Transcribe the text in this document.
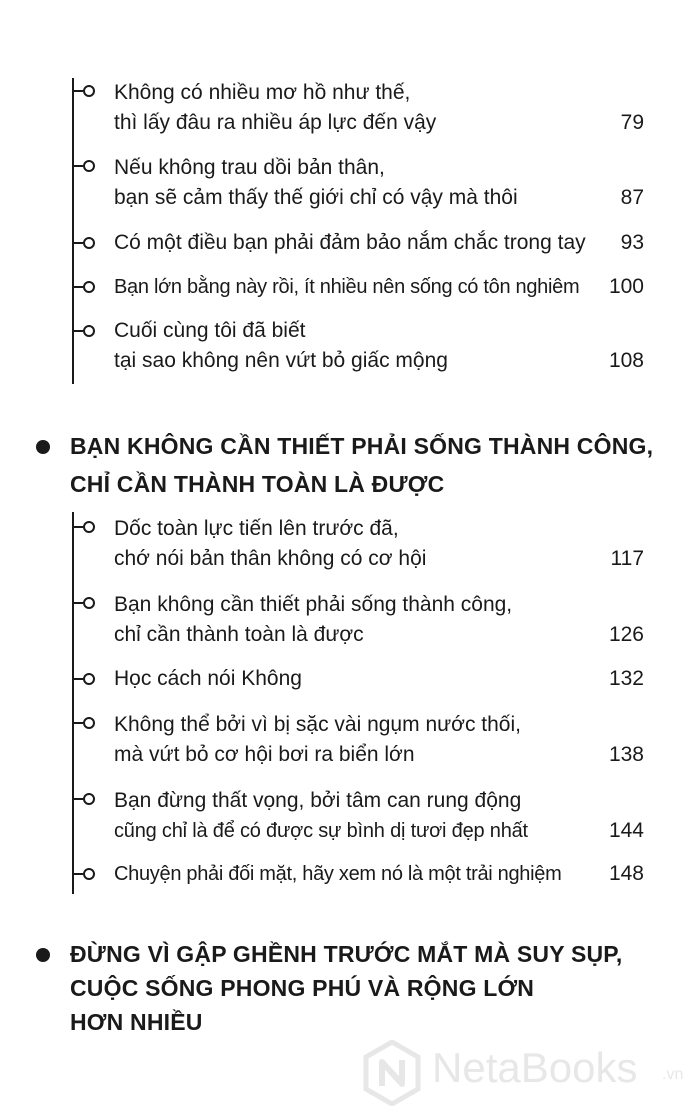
Không có nhiều mơ hồ như thế,
thì lấy đâu ra nhiều áp lực đến vậy	79
Nếu không trau dồi bản thân,
bạn sẽ cảm thấy thế giới chỉ có vậy mà thôi	87
Có một điều bạn phải đảm bảo nắm chắc trong tay 93
Bạn lớn bằng này rồi, ít nhiều nên sống có tôn nghiêm 100
Cuối cùng tôi đã biết
tại sao không nên vứt bỏ giấc mộng	108
BẠN KHÔNG CẦN THIẾT PHẢI SỐNG THÀNH CÔNG,
CHỈ CẦN THÀNH TOÀN LÀ ĐƯỢC
Dốc toàn lực tiến lên trước đã,
chớ nói bản thân không có cơ hội	117
Bạn không cần thiết phải sống thành công,
chỉ cần thành toàn là được	126
Học cách nói Không	132
Không thể bởi vì bị sặc vài ngụm nước thối,
mà vứt bỏ cơ hội bơi ra biển lớn	138
Bạn đừng thất vọng, bởi tâm can rung động
cũng chỉ là để có được sự bình dị tươi đẹp nhất	144
Chuyện phải đối mặt, hãy xem nó là một trải nghiệm 148
ĐỪNG VÌ GẬP GHỀNH TRƯỚC MẮT MÀ SUY SỤP,
CUỘC SỐNG PHONG PHÚ VÀ RỘNG LỚN
HƠN NHIỀU
NetaBooks .vn
